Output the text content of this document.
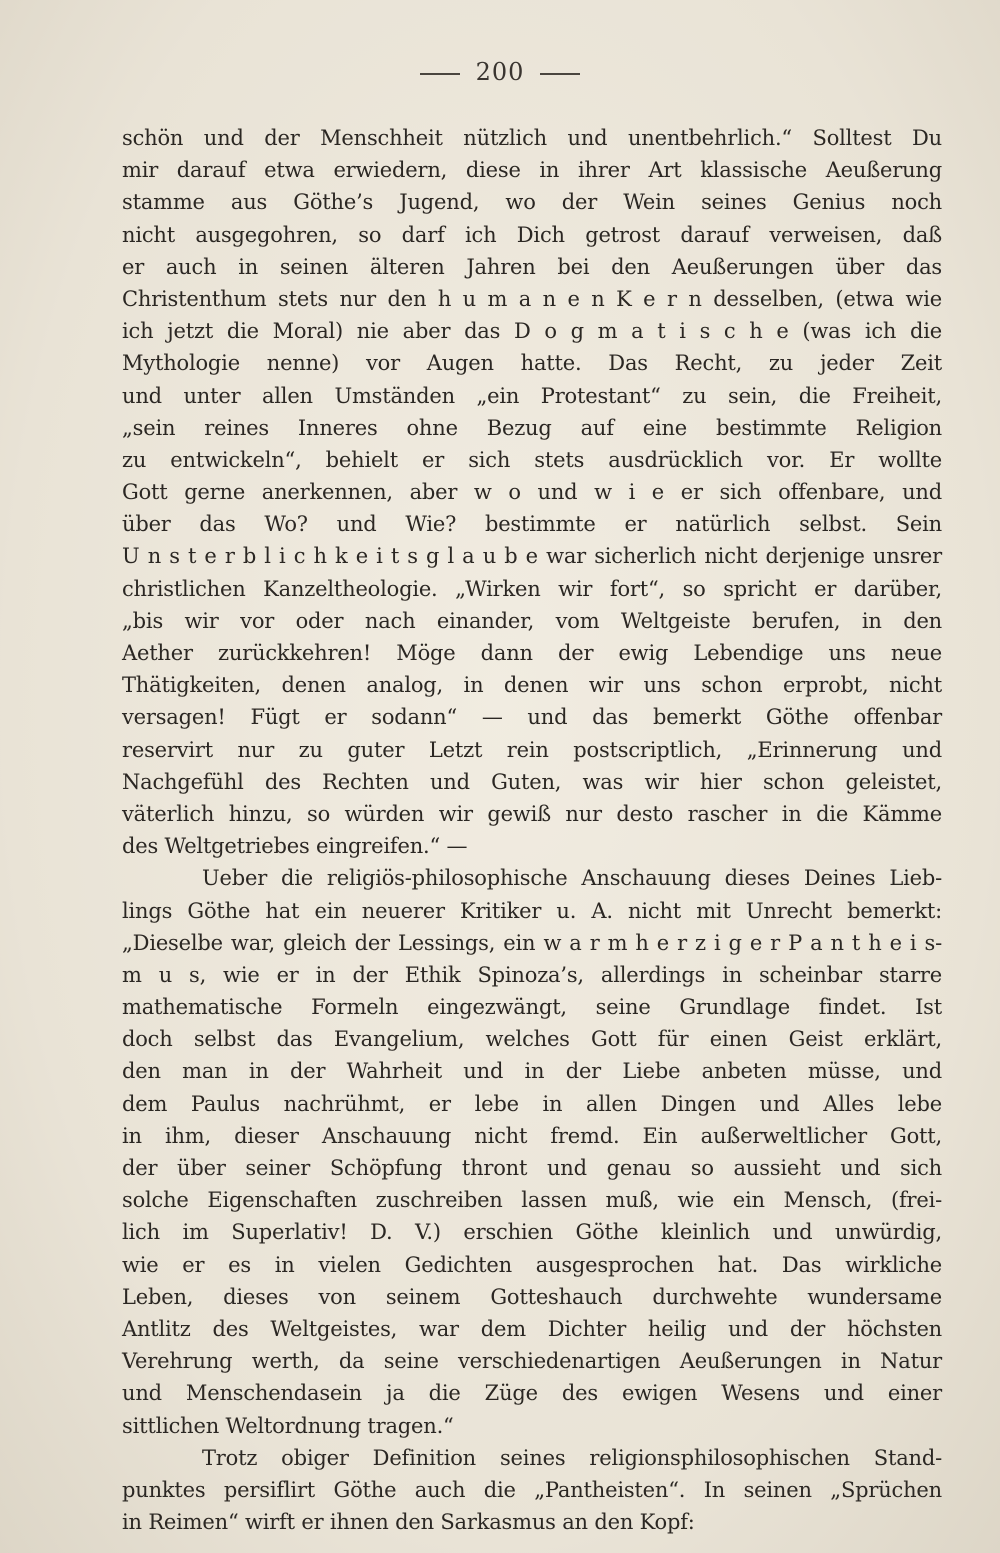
200
schön und der Menschheit nützlich und unentbehrlich.“ Solltest Du
mir darauf etwa erwiedern, diese in ihrer Art klassische Aeußerung
stamme aus Göthe’s Jugend, wo der Wein seines Genius noch
nicht ausgegohren, so darf ich Dich getrost darauf verweisen, daß
er auch in seinen älteren Jahren bei den Aeußerungen über das
Christenthum stets nur den h u m a n e n K e r n desselben, (etwa wie
ich jetzt die Moral) nie aber das D o g m a t i s c h e (was ich die
Mythologie nenne) vor Augen hatte. Das Recht, zu jeder Zeit
und unter allen Umständen „ein Protestant“ zu sein, die Freiheit,
„sein reines Inneres ohne Bezug auf eine bestimmte Religion
zu entwickeln“, behielt er sich stets ausdrücklich vor. Er wollte
Gott gerne anerkennen, aber w o und w i e er sich offenbare, und
über das Wo? und Wie? bestimmte er natürlich selbst. Sein
U n s t e r b l i c h k e i t s g l a u b e war sicherlich nicht derjenige unsrer
christlichen Kanzeltheologie. „Wirken wir fort“, so spricht er darüber,
„bis wir vor oder nach einander, vom Weltgeiste berufen, in den
Aether zurückkehren! Möge dann der ewig Lebendige uns neue
Thätigkeiten, denen analog, in denen wir uns schon erprobt, nicht
versagen! Fügt er sodann“ — und das bemerkt Göthe offenbar
reservirt nur zu guter Letzt rein postscriptlich, „Erinnerung und
Nachgefühl des Rechten und Guten, was wir hier schon geleistet,
väterlich hinzu, so würden wir gewiß nur desto rascher in die Kämme
des Weltgetriebes eingreifen.“ —
Ueber die religiös-philosophische Anschauung dieses Deines Lieb-
lings Göthe hat ein neuerer Kritiker u. A. nicht mit Unrecht bemerkt:
„Dieselbe war, gleich der Lessings, ein w a r m h e r z i g e r P a n t h e i s-
m u s, wie er in der Ethik Spinoza’s, allerdings in scheinbar starre
mathematische Formeln eingezwängt, seine Grundlage findet. Ist
doch selbst das Evangelium, welches Gott für einen Geist erklärt,
den man in der Wahrheit und in der Liebe anbeten müsse, und
dem Paulus nachrühmt, er lebe in allen Dingen und Alles lebe
in ihm, dieser Anschauung nicht fremd. Ein außerweltlicher Gott,
der über seiner Schöpfung thront und genau so aussieht und sich
solche Eigenschaften zuschreiben lassen muß, wie ein Mensch, (frei-
lich im Superlativ! D. V.) erschien Göthe kleinlich und unwürdig,
wie er es in vielen Gedichten ausgesprochen hat. Das wirkliche
Leben, dieses von seinem Gotteshauch durchwehte wundersame
Antlitz des Weltgeistes, war dem Dichter heilig und der höchsten
Verehrung werth, da seine verschiedenartigen Aeußerungen in Natur
und Menschendasein ja die Züge des ewigen Wesens und einer
sittlichen Weltordnung tragen.“
Trotz obiger Definition seines religionsphilosophischen Stand-
punktes persiflirt Göthe auch die „Pantheisten“. In seinen „Sprüchen
in Reimen“ wirft er ihnen den Sarkasmus an den Kopf:
